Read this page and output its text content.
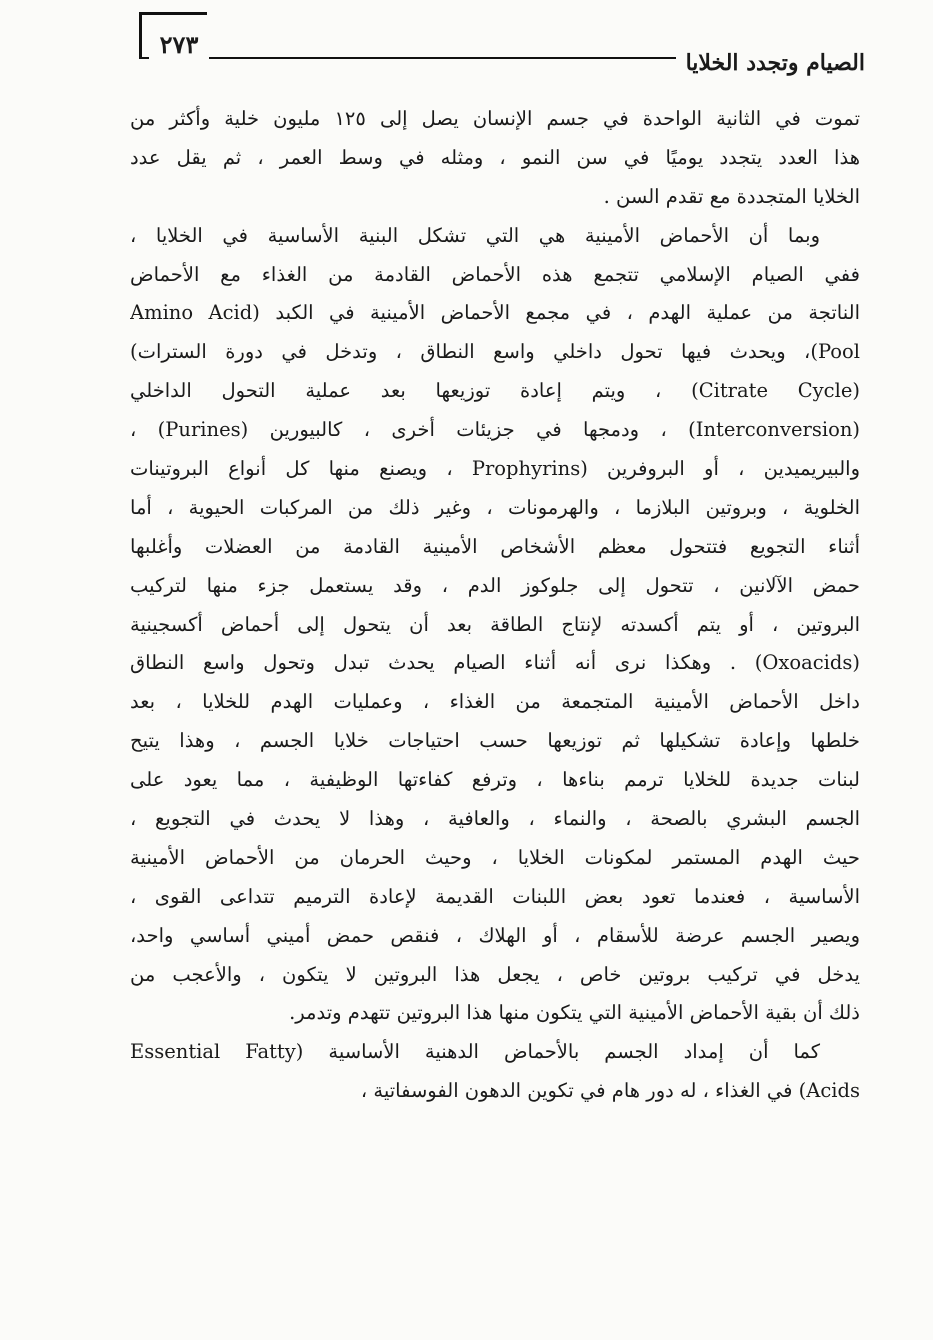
٢٧٣
الصيام وتجدد الخلايا
تموت في الثانية الواحدة في جسم الإنسان يصل إلى ١٢٥ مليون خلية وأكثر من
هذا العدد يتجدد يوميًا في سن النمو ، ومثله في وسط العمر ، ثم يقل عدد
الخلايا المتجددة مع تقدم السن .
وبما أن الأحماض الأمينية هي التي تشكل البنية الأساسية في الخلايا ،
ففي الصيام الإسلامي تتجمع هذه الأحماض القادمة من الغذاء مع الأحماض
الناتجة من عملية الهدم ، في مجمع الأحماض الأمينية في الكبد (Amino Acid
Pool)، ويحدث فيها تحول داخلي واسع النطاق ، وتدخل في دورة السترات)
(Citrate Cycle) ، ويتم إعادة توزيعها بعد عملية التحول الداخلي
(Interconversion) ، ودمجها في جزيئات أخرى ، كالبيورين (Purines) ،
والبيريميدين ، أو البروفرين (Prophyrins ، ويصنع منها كل أنواع البروتينات
الخلوية ، وبروتين البلازما ، والهرمونات ، وغير ذلك من المركبات الحيوية ، أما
أثناء التجويع فتتحول معظم الأشخاص الأمينية القادمة من العضلات وأغلبها
حمض الآلانين ، تتحول إلى جلوكوز الدم ، وقد يستعمل جزء منها لتركيب
البروتين ، أو يتم أكسدته لإنتاج الطاقة بعد أن يتحول إلى أحماض أكسجينية
(Oxoacids) . وهكذا نرى أنه أثناء الصيام يحدث تبدل وتحول واسع النطاق
داخل الأحماض الأمينية المتجمعة من الغذاء ، وعمليات الهدم للخلايا ، بعد
خلطها وإعادة تشكيلها ثم توزيعها حسب احتياجات خلايا الجسم ، وهذا يتيح
لبنات جديدة للخلايا ترمم بناءها ، وترفع كفاءتها الوظيفية ، مما يعود على
الجسم البشري بالصحة ، والنماء ، والعافية ، وهذا لا يحدث في التجويع ،
حيث الهدم المستمر لمكونات الخلايا ، وحيث الحرمان من الأحماض الأمينية
الأساسية ، فعندما تعود بعض اللبنات القديمة لإعادة الترميم تتداعى القوى ،
ويصير الجسم عرضة للأسقام ، أو الهلاك ، فنقص حمض أميني أساسي واحد،
يدخل في تركيب بروتين خاص ، يجعل هذا البروتين لا يتكون ، والأعجب من
ذلك أن بقية الأحماض الأمينية التي يتكون منها هذا البروتين تتهدم وتدمر.
كما أن إمداد الجسم بالأحماض الدهنية الأساسية (Essential Fatty
Acids) في الغذاء ، له دور هام في تكوين الدهون الفوسفاتية ،
